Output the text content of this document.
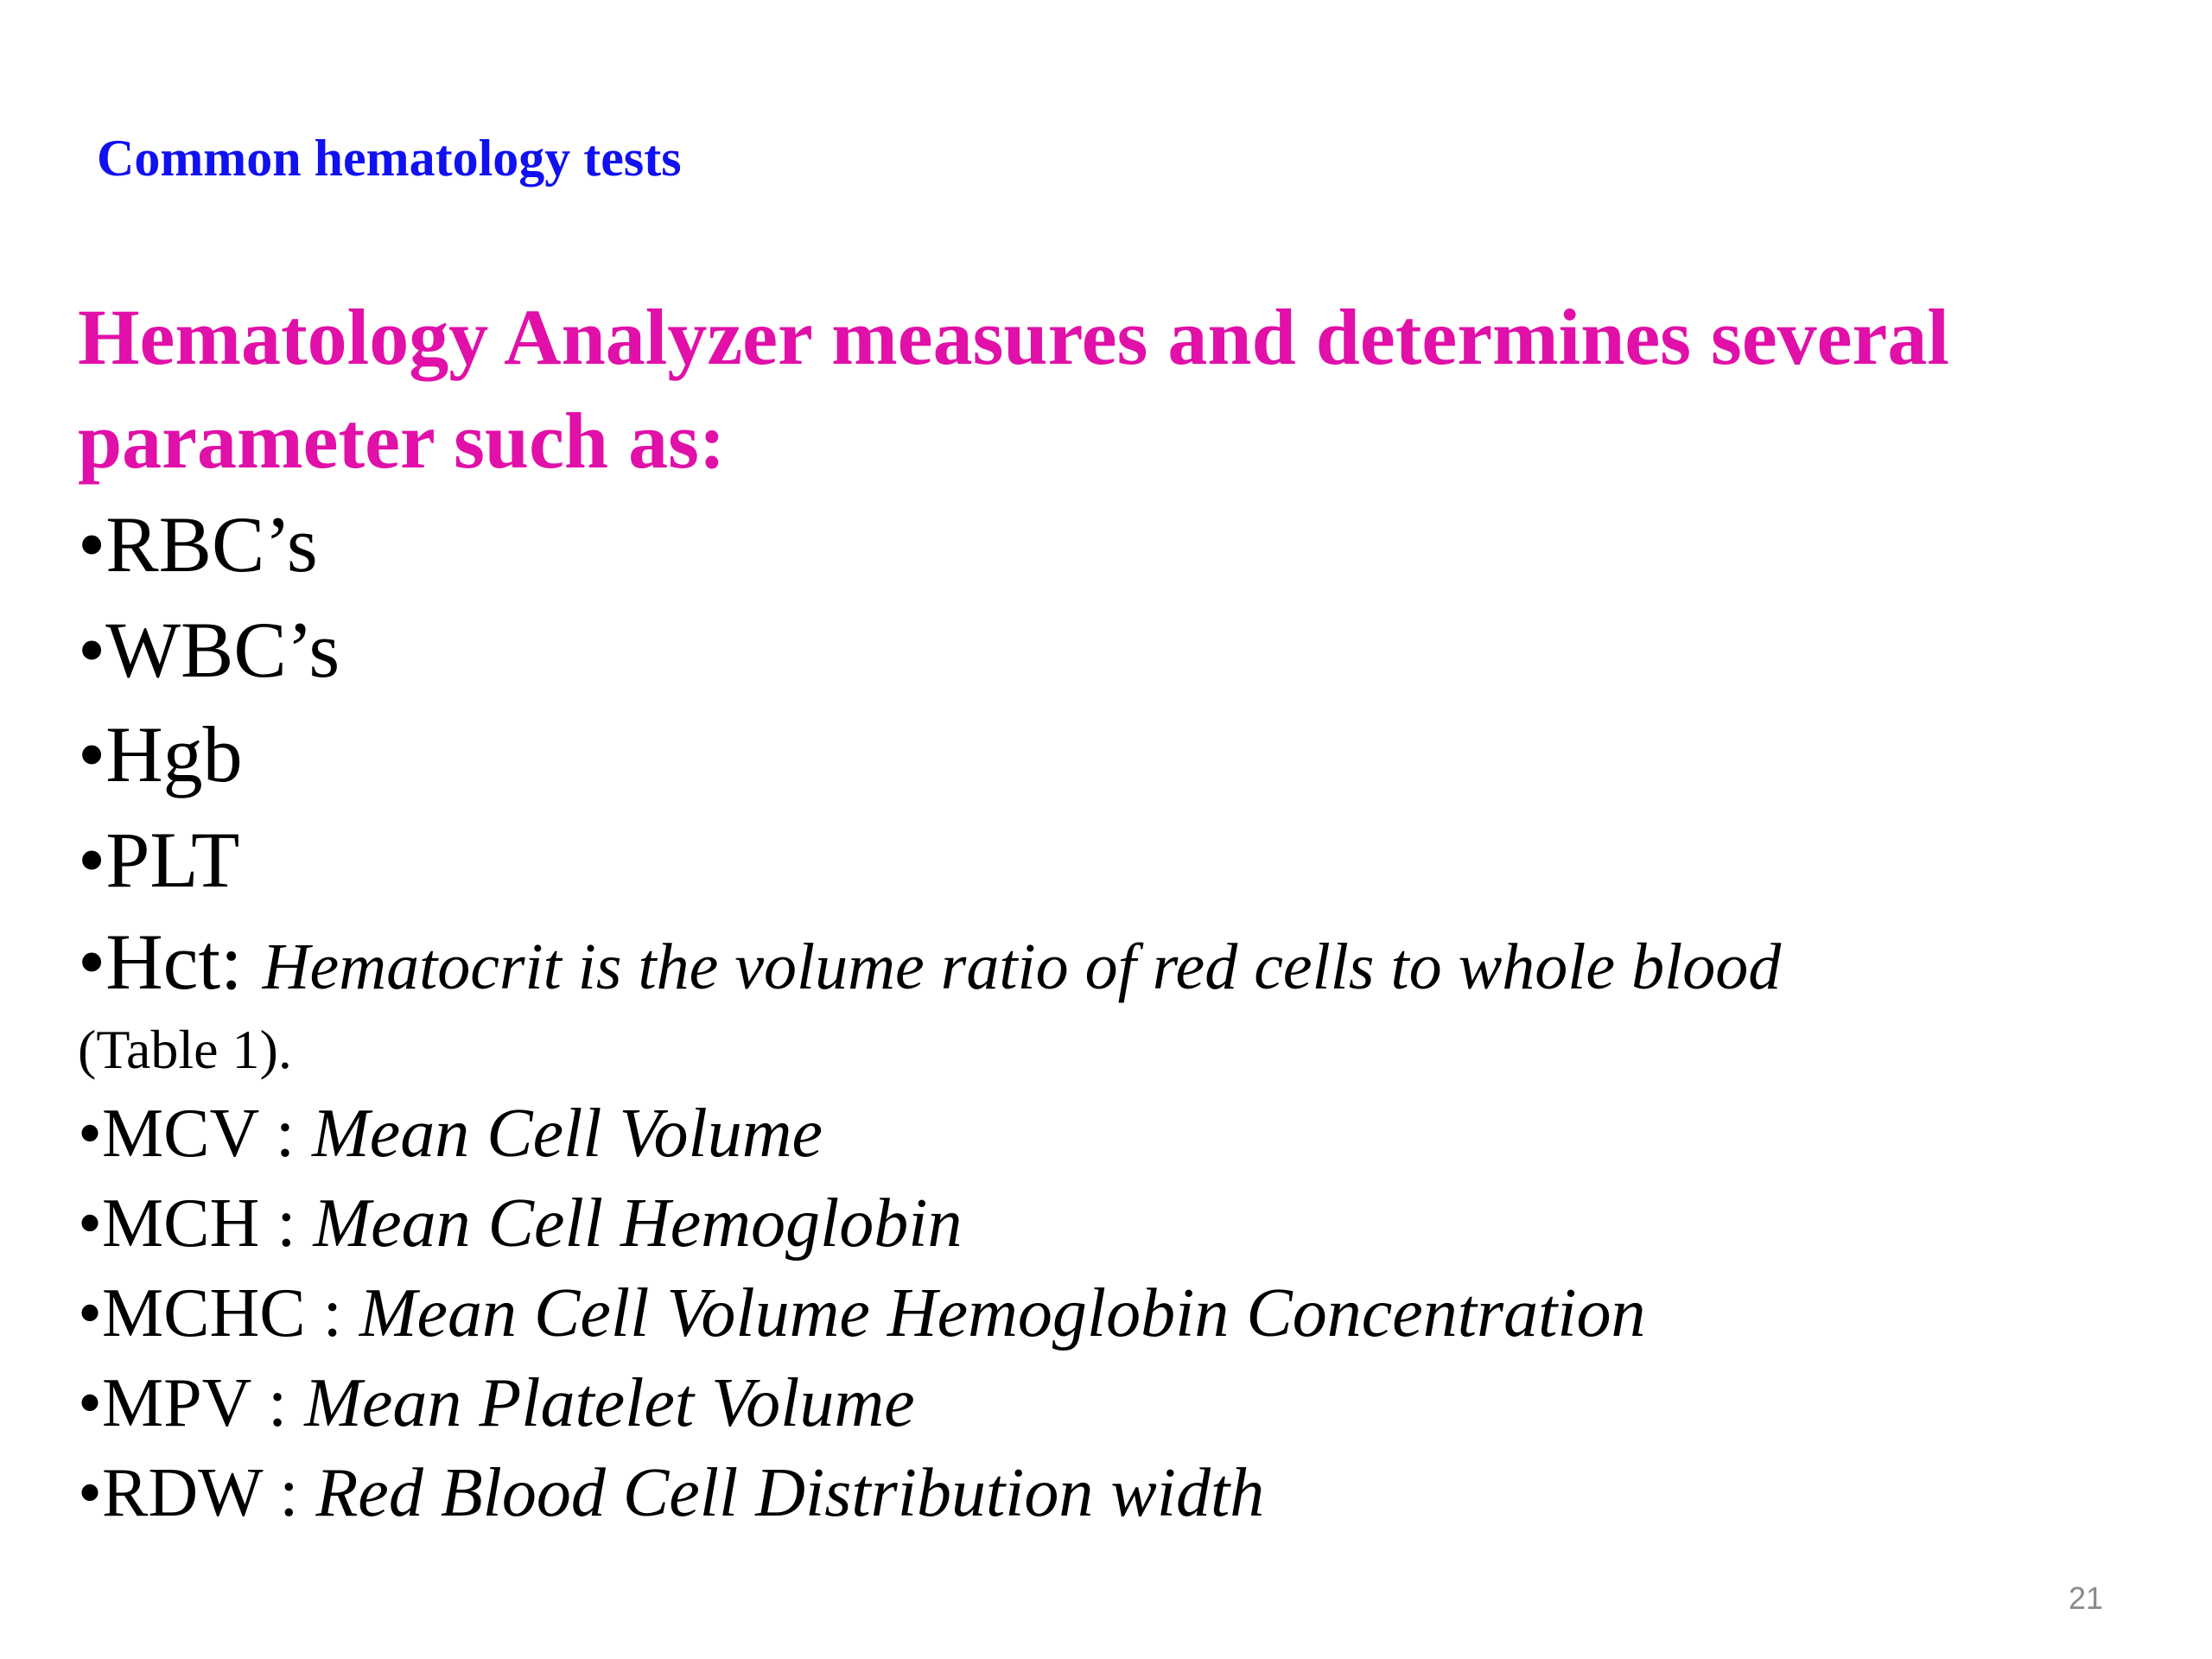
Common hematology tests
Hematology Analyzer measures and determines several parameter such as:
•RBC’s
•WBC’s
•Hgb
•PLT
•Hct: Hematocrit is the volume ratio of red cells to whole blood
(Table 1).
•MCV : Mean Cell Volume
•MCH : Mean Cell Hemoglobin
•MCHC : Mean Cell Volume Hemoglobin Concentration
•MPV : Mean Platelet Volume
•RDW : Red Blood Cell Distribution width
21
